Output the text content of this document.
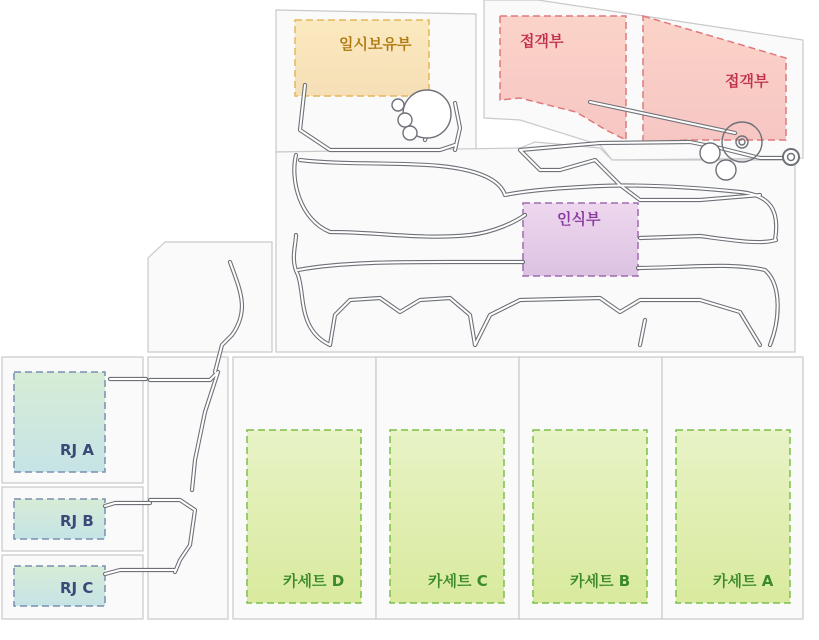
일시보유부	접객부
접객부
인식부
RJ A
RJ B
RJ C	카세트 D	카세트 C	카세트 B	카세트 A
